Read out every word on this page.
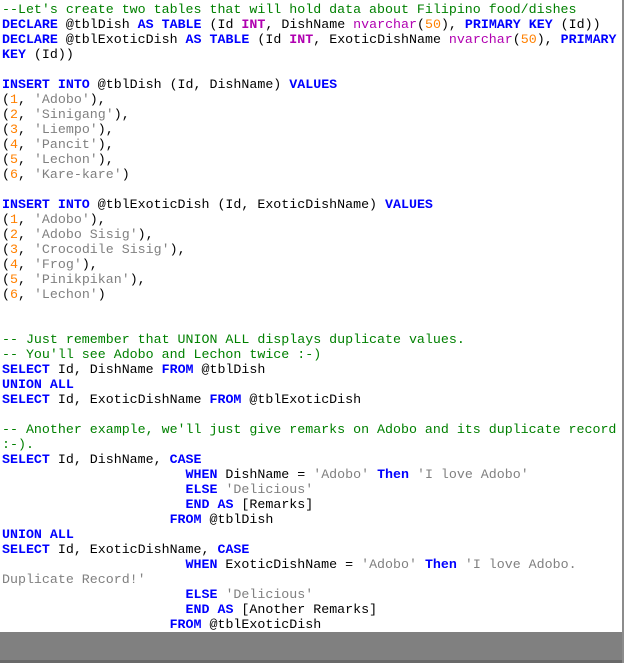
--Let's create two tables that will hold data about Filipino food/dishes
DECLARE @tblDish AS TABLE (Id INT, DishName nvarchar(50), PRIMARY KEY (Id))
DECLARE @tblExoticDish AS TABLE (Id INT, ExoticDishName nvarchar(50), PRIMARY
KEY (Id))

INSERT INTO @tblDish (Id, DishName) VALUES
(1, 'Adobo'),
(2, 'Sinigang'),
(3, 'Liempo'),
(4, 'Pancit'),
(5, 'Lechon'),
(6, 'Kare-kare')

INSERT INTO @tblExoticDish (Id, ExoticDishName) VALUES
(1, 'Adobo'),
(2, 'Adobo Sisig'),
(3, 'Crocodile Sisig'),
(4, 'Frog'),
(5, 'Pinikpikan'),
(6, 'Lechon')

-- Just remember that UNION ALL displays duplicate values.
-- You'll see Adobo and Lechon twice :-)
SELECT Id, DishName FROM @tblDish
UNION ALL
SELECT Id, ExoticDishName FROM @tblExoticDish

-- Another example, we'll just give remarks on Adobo and its duplicate record
:-).
SELECT Id, DishName, CASE
WHEN DishName = 'Adobo' Then 'I love Adobo'
ELSE 'Delicious'
END AS [Remarks]
FROM @tblDish
UNION ALL
SELECT Id, ExoticDishName, CASE
WHEN ExoticDishName = 'Adobo' Then 'I love Adobo.
Duplicate Record!'
ELSE 'Delicious'
END AS [Another Remarks]
FROM @tblExoticDish
